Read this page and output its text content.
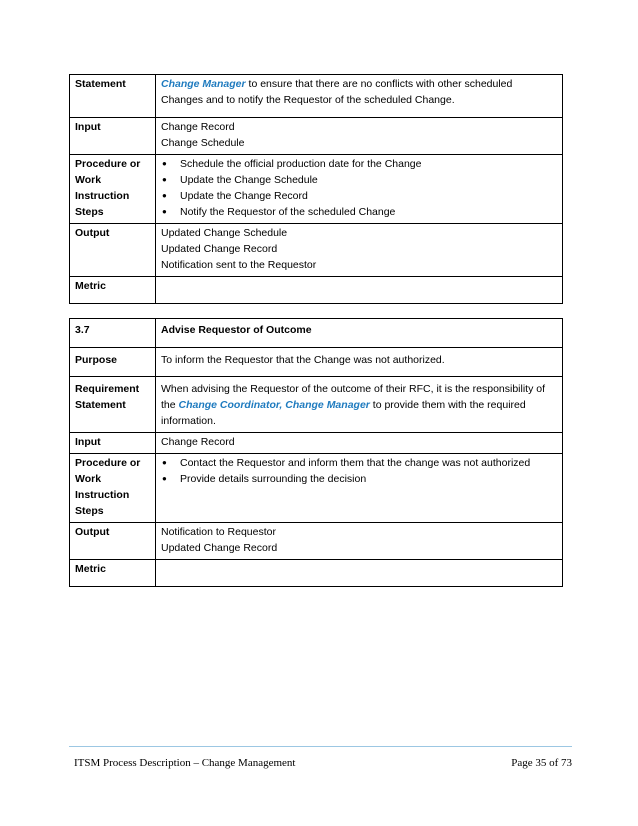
Statement	Change Manager to ensure that there are no conflicts with other scheduled Changes and to notify the Requestor of the scheduled Change.
Input	Change Record
Change Schedule

Procedure or
Work
Instruction
Steps	● Schedule the official production date for the Change
● Update the Change Schedule
● Update the Change Record
● Notify the Requestor of the scheduled Change

Output	Updated Change Schedule
Updated Change Record
Notification sent to the Requestor

Metric	
3.7	Advise Requestor of Outcome
Purpose	To inform the Requestor that the Change was not authorized.

Requirement
Statement	When advising the Requestor of the outcome of their RFC, it is the responsibility of the Change Coordinator, Change Manager to provide them with the required information.
Input	Change Record

Procedure or
Work
Instruction
Steps	● Contact the Requestor and inform them that the change was not authorized
● Provide details surrounding the decision

Output	Notification to Requestor
Updated Change Record

Metric	
ITSM Process Description – Change Management	Page 35 of 73
